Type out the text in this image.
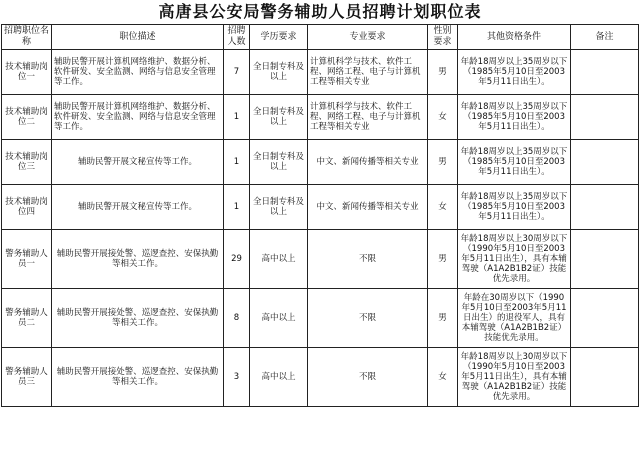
高唐县公安局警务辅助人员招聘计划职位表
招聘职位名称	职位描述	招聘人数	学历要求	专业要求	性别要求	其他资格条件	备注
技术辅助岗位一	辅助民警开展计算机网络维护、数据分析、软件研发、安全监测、网络与信息安全管理等工作。	7	全日制专科及以上	计算机科学与技术、软件工程、网络工程、电子与计算机工程等相关专业	男	年龄18周岁以上35周岁以下（1985年5月10日至2003年5月11日出生）。	
技术辅助岗位二	辅助民警开展计算机网络维护、数据分析、软件研发、安全监测、网络与信息安全管理等工作。	1	全日制专科及以上	计算机科学与技术、软件工程、网络工程、电子与计算机工程等相关专业	女	年龄18周岁以上35周岁以下（1985年5月10日至2003年5月11日出生）。	
技术辅助岗位三	辅助民警开展文秘宣传等工作。	1	全日制专科及以上	中文、新闻传播等相关专业	男	年龄18周岁以上35周岁以下（1985年5月10日至2003年5月11日出生）。	
技术辅助岗位四	辅助民警开展文秘宣传等工作。	1	全日制专科及以上	中文、新闻传播等相关专业	女	年龄18周岁以上35周岁以下（1985年5月10日至2003年5月11日出生）。	
警务辅助人员一	辅助民警开展接处警、巡逻查控、安保执勤等相关工作。	29	高中以上	不限	男	年龄18周岁以上30周岁以下（1990年5月10日至2003年5月11日出生），具有本辅驾驶（A1A2B1B2证）技能优先录用。	
警务辅助人员二	辅助民警开展接处警、巡逻查控、安保执勤等相关工作。	8	高中以上	不限	男	年龄在30周岁以下（1990年5月10日至2003年5月11日出生）的退役军人，具有本辅驾驶（A1A2B1B2证）技能优先录用。	
警务辅助人员三	辅助民警开展接处警、巡逻查控、安保执勤等相关工作。	3	高中以上	不限	女	年龄18周岁以上30周岁以下（1990年5月10日至2003年5月11日出生），具有本辅驾驶（A1A2B1B2证）技能优先录用。	
